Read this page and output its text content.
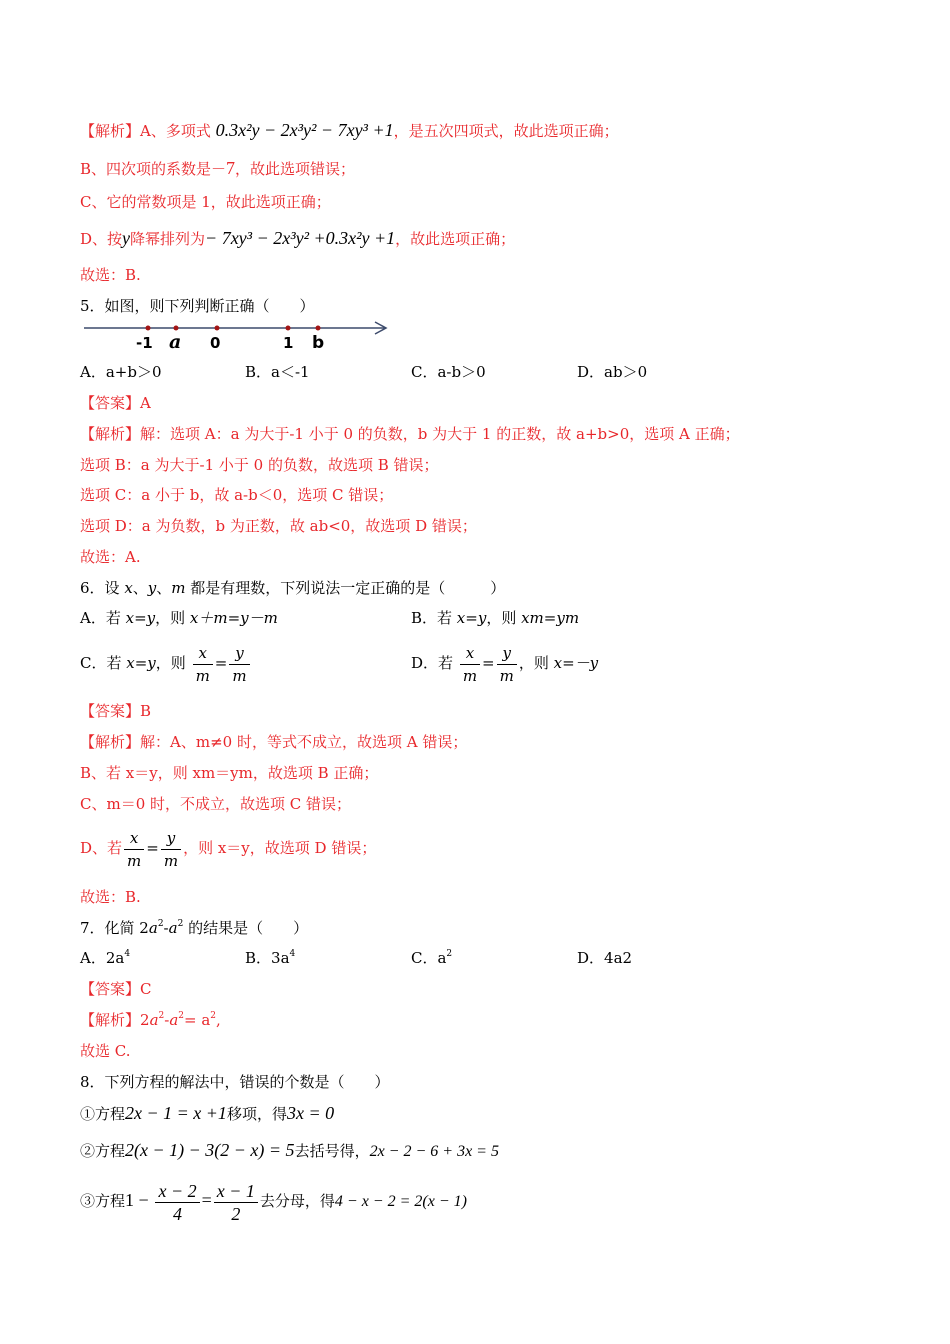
【解析】A、多项式 0.3x²y − 2x³y² − 7xy³ +1，是五次四项式，故此选项正确；
B、四次项的系数是－7，故此选项错误；
C、它的常数项是 1，故此选项正确；
D、按y降幂排列为− 7xy³ − 2x³y² +0.3x²y +1，故此选项正确；
故选：B.
5．如图，则下列判断正确（　　）
-1 a 0	1 b
A．a+b＞0	B．a＜-1	C．a-b＞0	D．ab＞0
【答案】A
【解析】解：选项 A：a 为大于-1 小于 0 的负数，b 为大于 1 的正数，故 a+b>0，选项 A 正确；
选项 B：a 为大于-1 小于 0 的负数，故选项 B 错误；
选项 C：a 小于 b，故 a-b＜0，选项 C 错误；
选项 D：a 为负数，b 为正数，故 ab<0，故选项 D 错误；
故选：A.
6．设 x、y、m 都是有理数，下列说法一定正确的是（　　　）
A．若 x=y，则 x＋m=y－m	B．若 x=y，则 xm=ym
C．若 x=y，则 $\frac{x}{m} = \frac{y}{m}$	D．若 $\frac{x}{m} = \frac{y}{m}$ ，则 x=－y
【答案】B
【解析】解：A、m≠0 时，等式不成立，故选项 A 错误；
B、若 x＝y，则 xm＝ym，故选项 B 正确；
C、m＝0 时，不成立，故选项 C 错误；
D、若 $\frac{x}{m} = \frac{y}{m}$ ，则 x＝y，故选项 D 错误；
故选：B.
7．化简 $2a^2-a^2$ 的结果是（　　）
A．$2a^4$	B．$3a^4$	C．$a^2$	D．4a2
【答案】C
【解析】$2a^2-a^2= a^2$,
故选 C.
8．下列方程的解法中，错误的个数是（　　）
①方程2x − 1 = x +1移项，得3x = 0
②方程2(x − 1) − 3(2 − x) = 5去括号得，2x − 2 − 6 + 3x = 5
③方程$1 - \frac{x - 2}{4} = \frac{x - 1}{2}$ 去分母，得4 − x − 2 = 2(x − 1)
